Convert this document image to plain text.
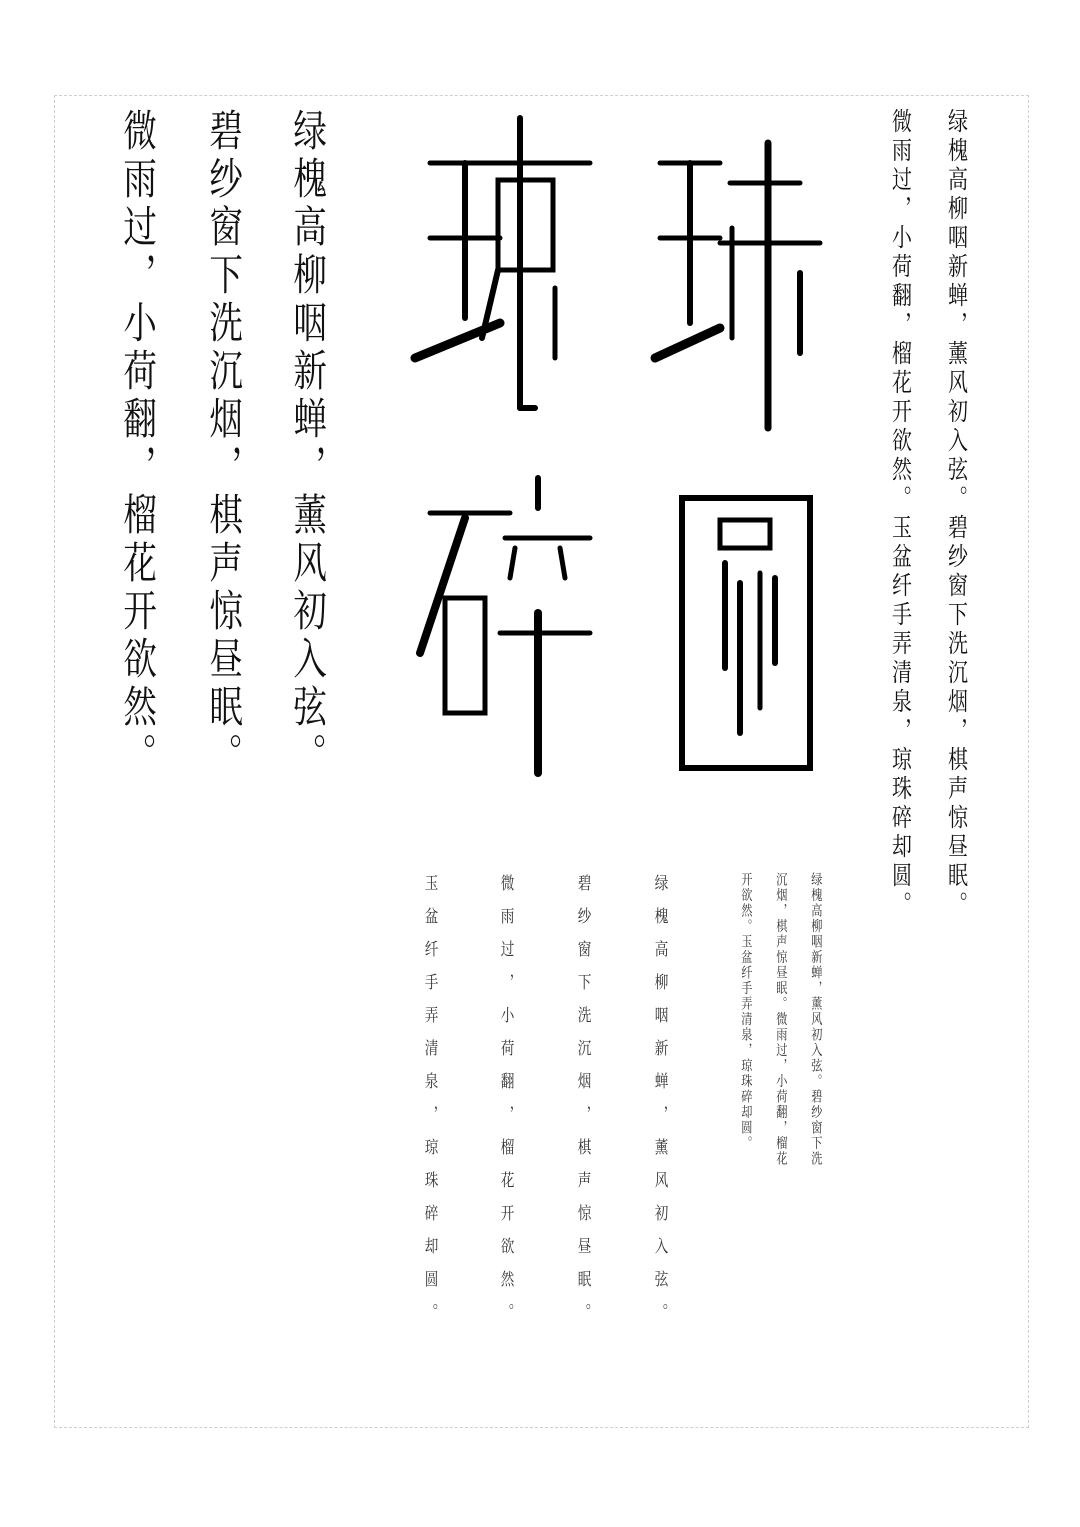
绿槐高柳咽新蝉，薰风初入弦。
碧纱窗下洗沉烟，棋声惊昼眠。
微雨过，小荷翻，榴花开欲然。	绿槐高柳咽新蝉，薰风初入弦。碧纱窗下洗沉烟，棋声惊昼眠。
微雨过，小荷翻，榴花开欲然。玉盆纤手弄清泉，琼珠碎却圆。
绿槐高柳咽新蝉，薰风初入弦。碧纱窗下洗
沉烟，棋声惊昼眠。微雨过，小荷翻，榴花
开欲然。玉盆纤手弄清泉，琼珠碎却圆。
绿槐高柳咽新蝉，薰风初入弦。
碧纱窗下洗沉烟，棋声惊昼眠。
微雨过，小荷翻，榴花开欲然。
玉盆纤手弄清泉，琼珠碎却圆。
